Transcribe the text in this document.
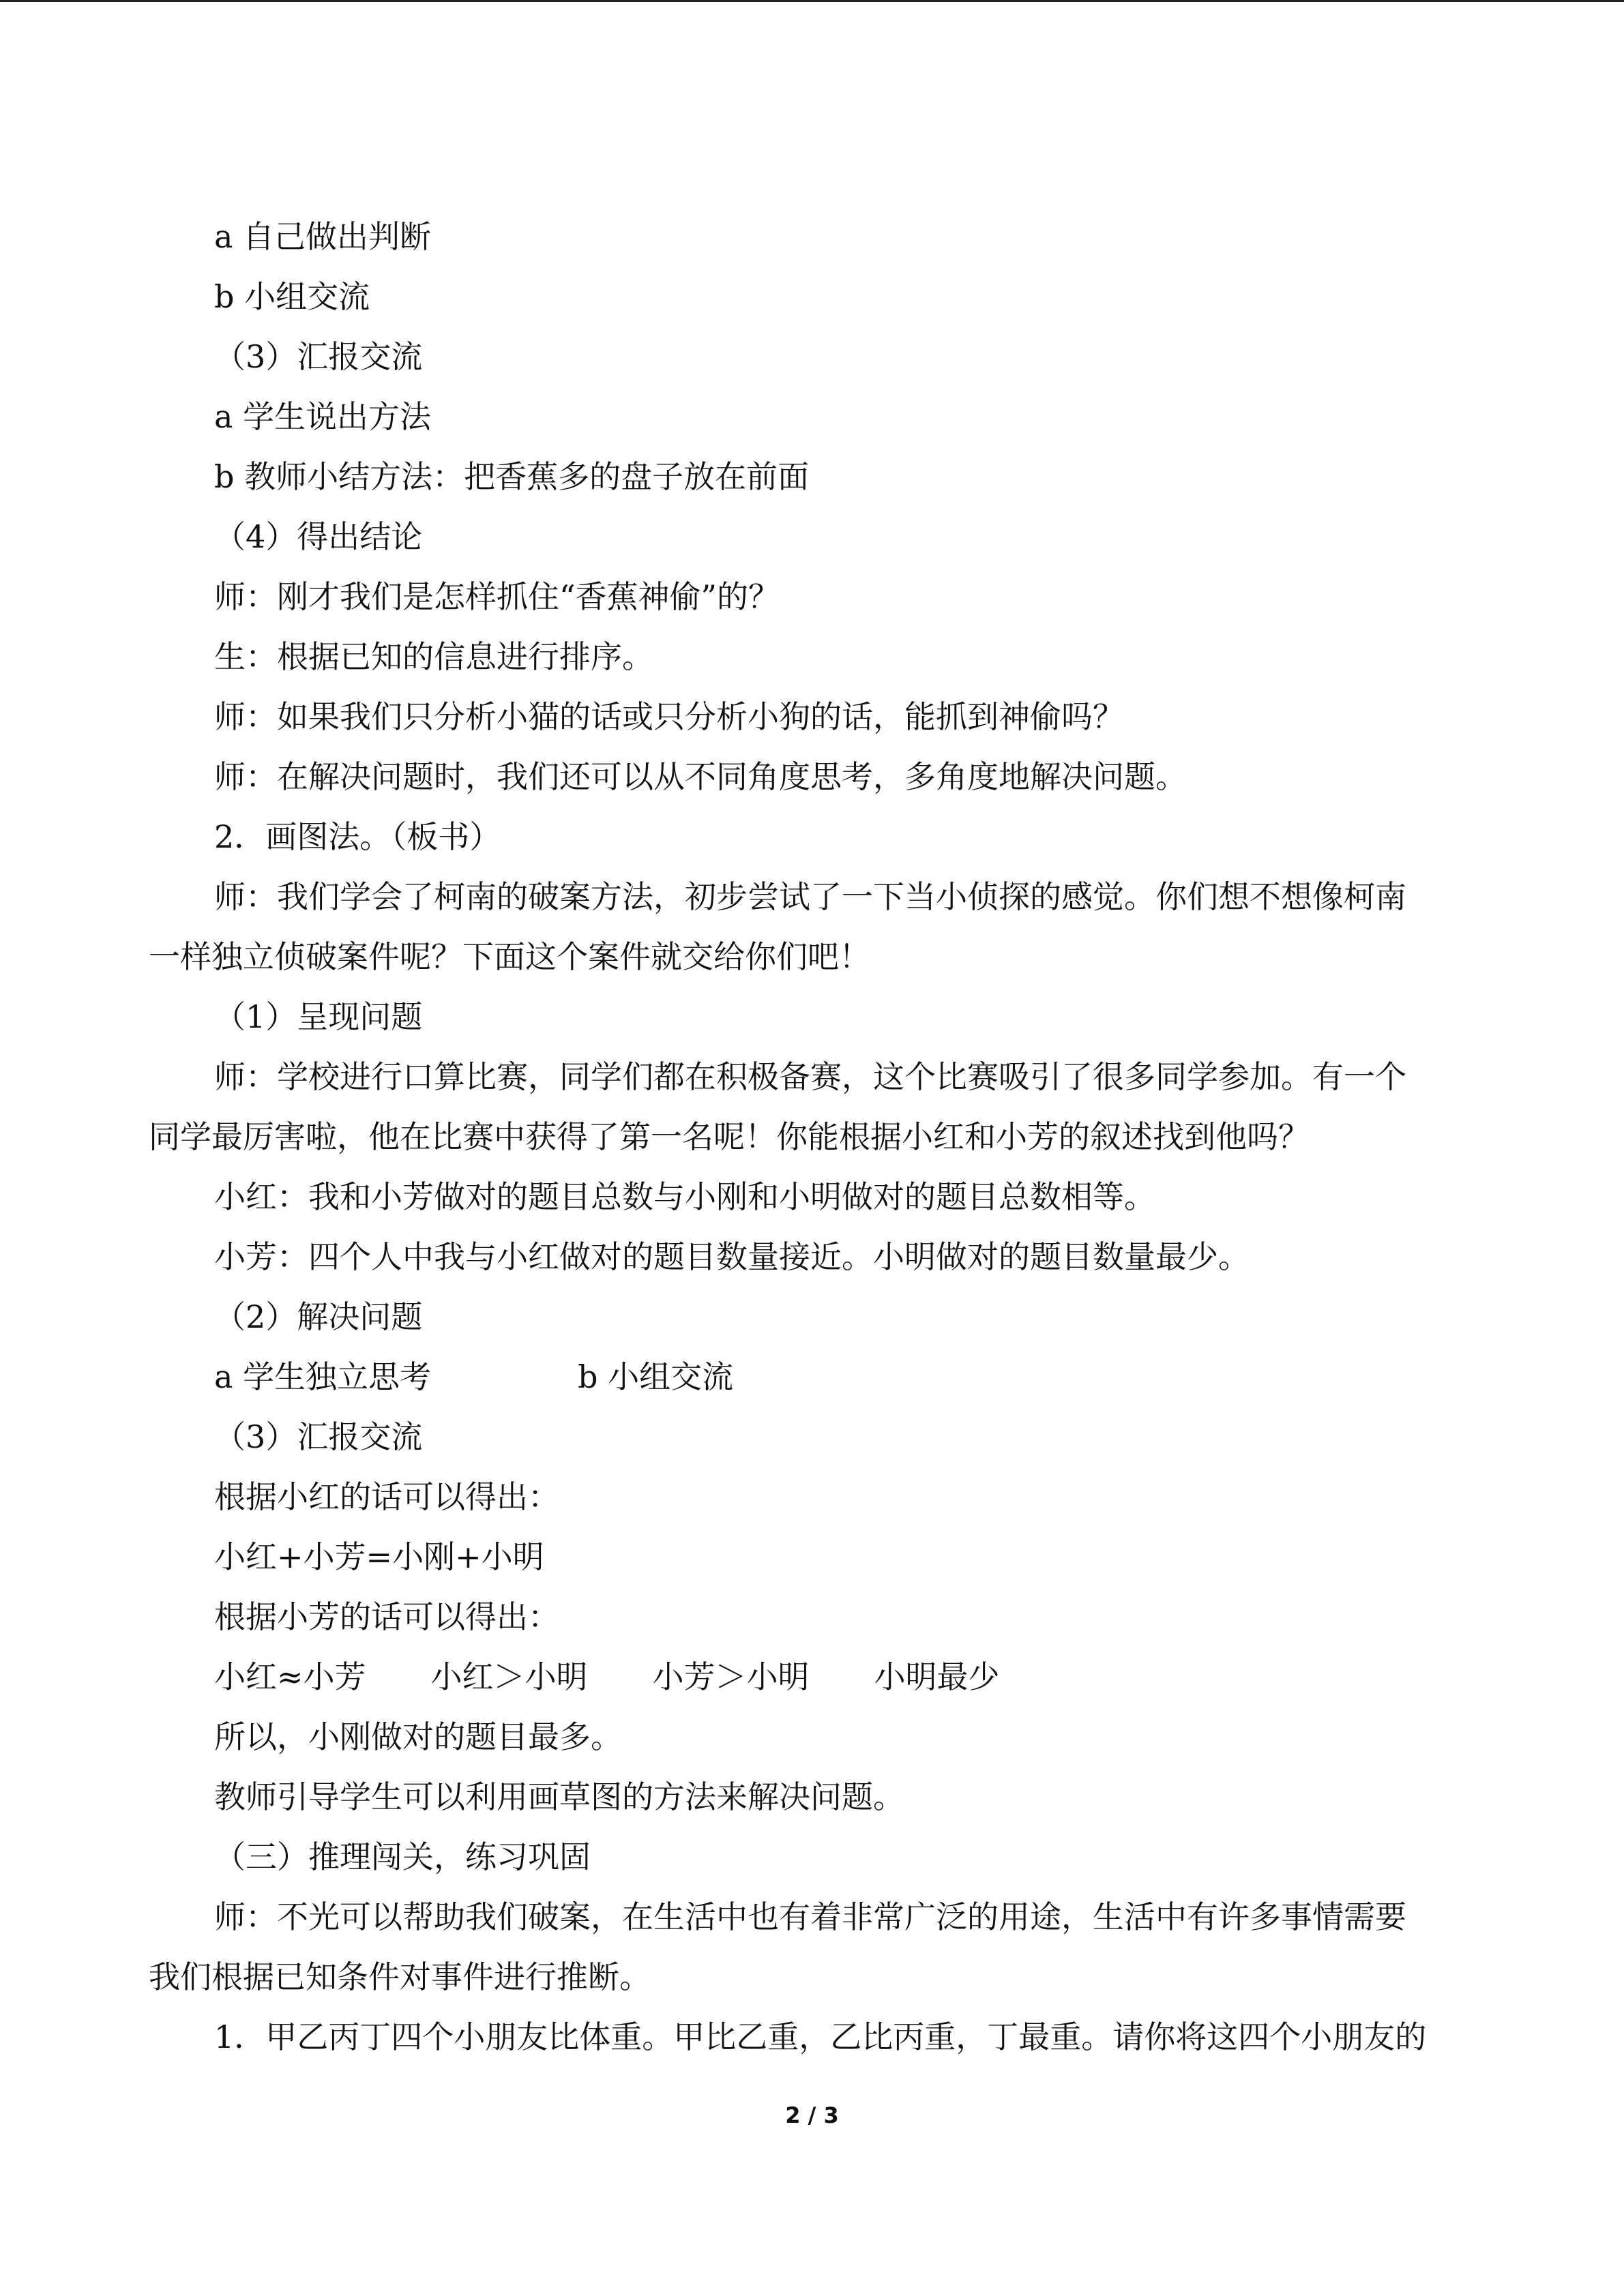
a 自己做出判断
b 小组交流
（3）汇报交流
a 学生说出方法
b 教师小结方法：把香蕉多的盘子放在前面
（4）得出结论
师：刚才我们是怎样抓住“香蕉神偷”的？
生：根据已知的信息进行排序。
师：如果我们只分析小猫的话或只分析小狗的话，能抓到神偷吗？
师：在解决问题时，我们还可以从不同角度思考，多角度地解决问题。
2．画图法。（板书）
师：我们学会了柯南的破案方法，初步尝试了一下当小侦探的感觉。你们想不想像柯南
一样独立侦破案件呢？下面这个案件就交给你们吧！
（1）呈现问题
师：学校进行口算比赛，同学们都在积极备赛，这个比赛吸引了很多同学参加。有一个
同学最厉害啦，他在比赛中获得了第一名呢！你能根据小红和小芳的叙述找到他吗？
小红：我和小芳做对的题目总数与小刚和小明做对的题目总数相等。
小芳：四个人中我与小红做对的题目数量接近。小明做对的题目数量最少。
（2）解决问题
a 学生独立思考	b 小组交流
（3）汇报交流
根据小红的话可以得出：
小红+小芳=小刚+小明
根据小芳的话可以得出：
小红≈小芳 小红＞小明 小芳＞小明 小明最少
所以，小刚做对的题目最多。
教师引导学生可以利用画草图的方法来解决问题。
（三）推理闯关，练习巩固
师：不光可以帮助我们破案，在生活中也有着非常广泛的用途，生活中有许多事情需要
我们根据已知条件对事件进行推断。
1．甲乙丙丁四个小朋友比体重。甲比乙重，乙比丙重，丁最重。请你将这四个小朋友的
2 / 3
